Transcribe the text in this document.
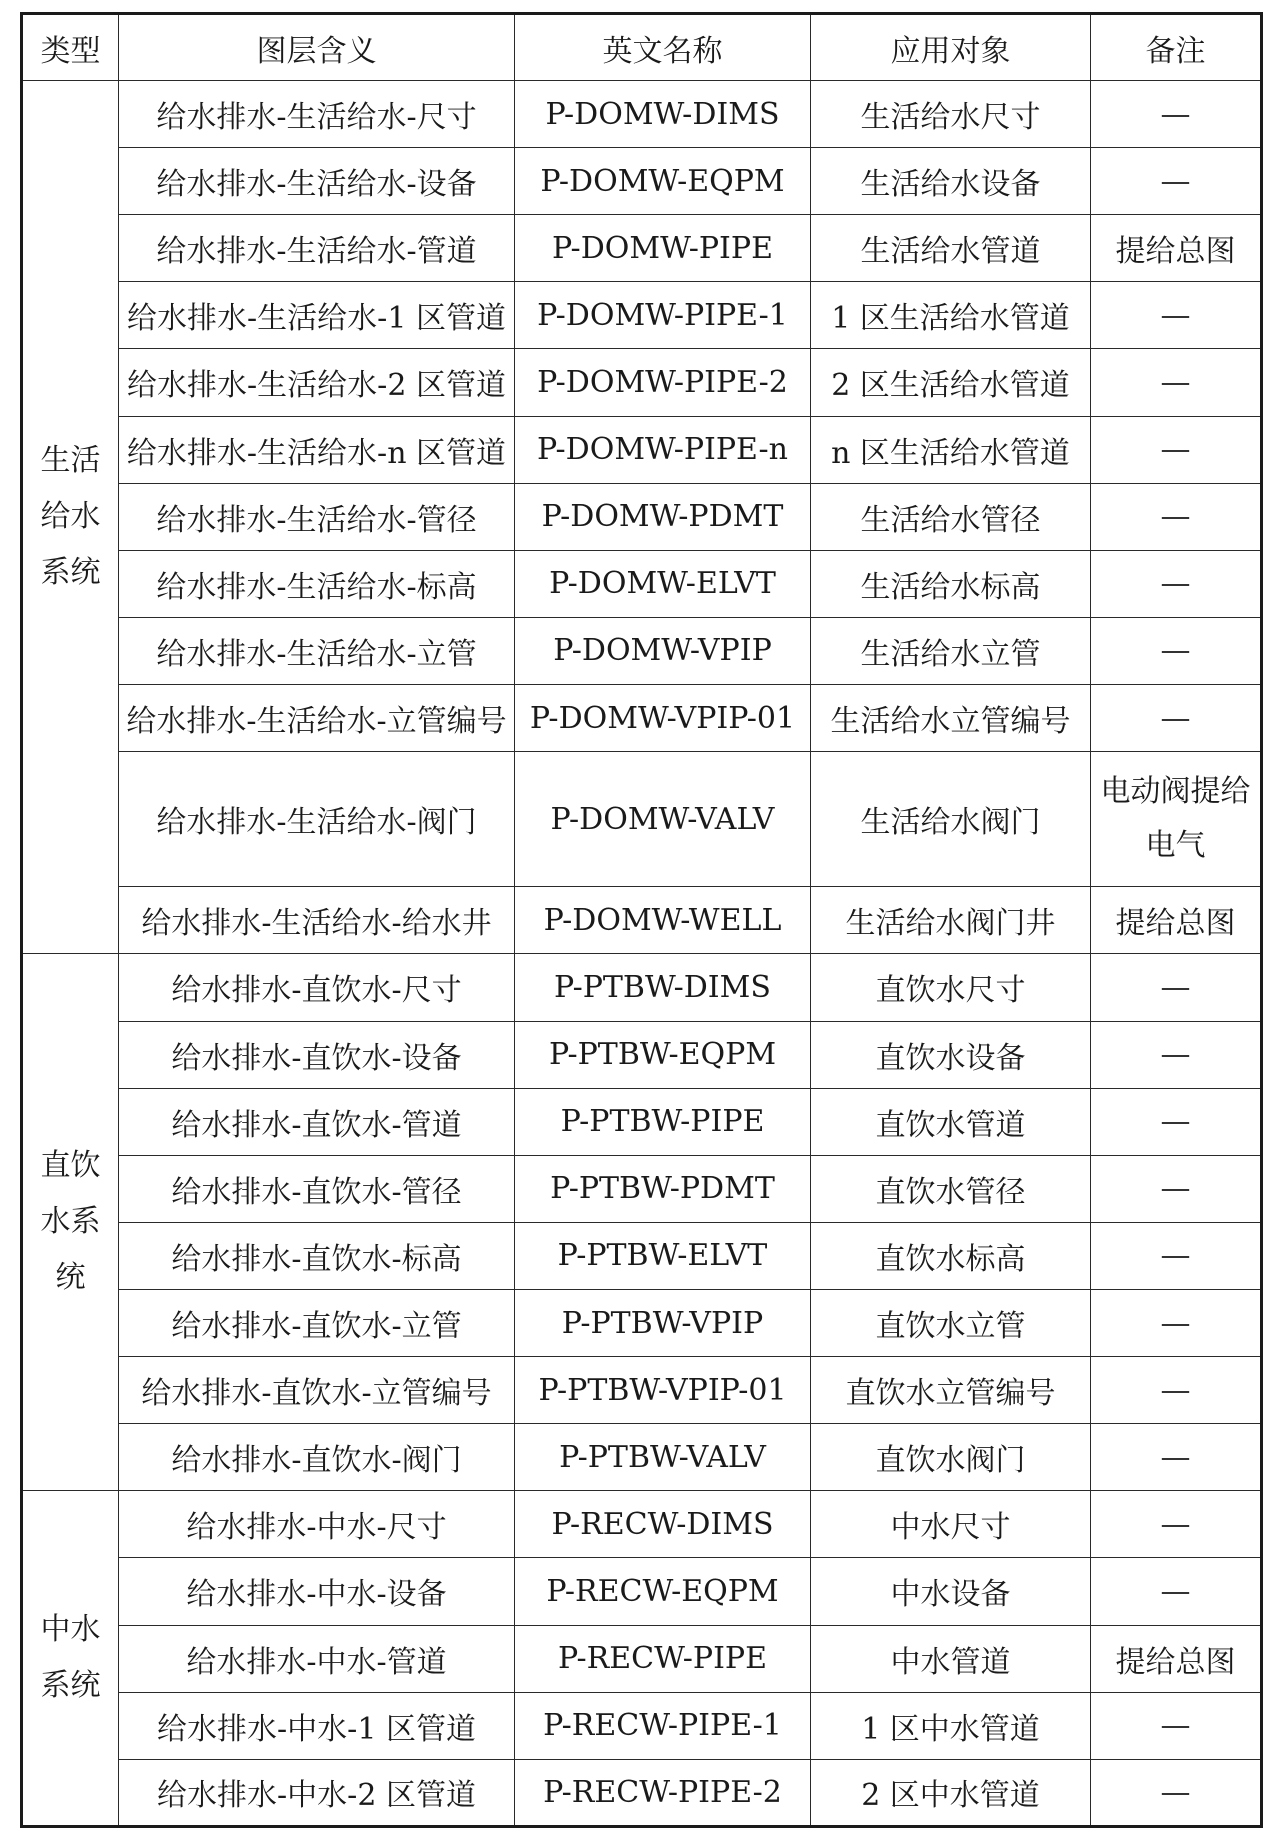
类型	图层含义	英文名称	应用对象	备注
生活给水系统	给水排水-生活给水-尺寸	P-DOMW-DIMS	生活给水尺寸	—
	给水排水-生活给水-设备	P-DOMW-EQPM	生活给水设备	—
	给水排水-生活给水-管道	P-DOMW-PIPE	生活给水管道	提给总图
	给水排水-生活给水-1 区管道	P-DOMW-PIPE-1	1 区生活给水管道	—
	给水排水-生活给水-2 区管道	P-DOMW-PIPE-2	2 区生活给水管道	—
	给水排水-生活给水-n 区管道	P-DOMW-PIPE-n	n 区生活给水管道	—
	给水排水-生活给水-管径	P-DOMW-PDMT	生活给水管径	—
	给水排水-生活给水-标高	P-DOMW-ELVT	生活给水标高	—
	给水排水-生活给水-立管	P-DOMW-VPIP	生活给水立管	—
	给水排水-生活给水-立管编号	P-DOMW-VPIP-01	生活给水立管编号	—
	给水排水-生活给水-阀门	P-DOMW-VALV	生活给水阀门	电动阀提给电气
	给水排水-生活给水-给水井	P-DOMW-WELL	生活给水阀门井	提给总图
直饮水系统	给水排水-直饮水-尺寸	P-PTBW-DIMS	直饮水尺寸	—
	给水排水-直饮水-设备	P-PTBW-EQPM	直饮水设备	—
	给水排水-直饮水-管道	P-PTBW-PIPE	直饮水管道	—
	给水排水-直饮水-管径	P-PTBW-PDMT	直饮水管径	—
	给水排水-直饮水-标高	P-PTBW-ELVT	直饮水标高	—
	给水排水-直饮水-立管	P-PTBW-VPIP	直饮水立管	—
	给水排水-直饮水-立管编号	P-PTBW-VPIP-01	直饮水立管编号	—
	给水排水-直饮水-阀门	P-PTBW-VALV	直饮水阀门	—
中水系统	给水排水-中水-尺寸	P-RECW-DIMS	中水尺寸	—
	给水排水-中水-设备	P-RECW-EQPM	中水设备	—
	给水排水-中水-管道	P-RECW-PIPE	中水管道	提给总图
	给水排水-中水-1 区管道	P-RECW-PIPE-1	1 区中水管道	—
	给水排水-中水-2 区管道	P-RECW-PIPE-2	2 区中水管道	—
